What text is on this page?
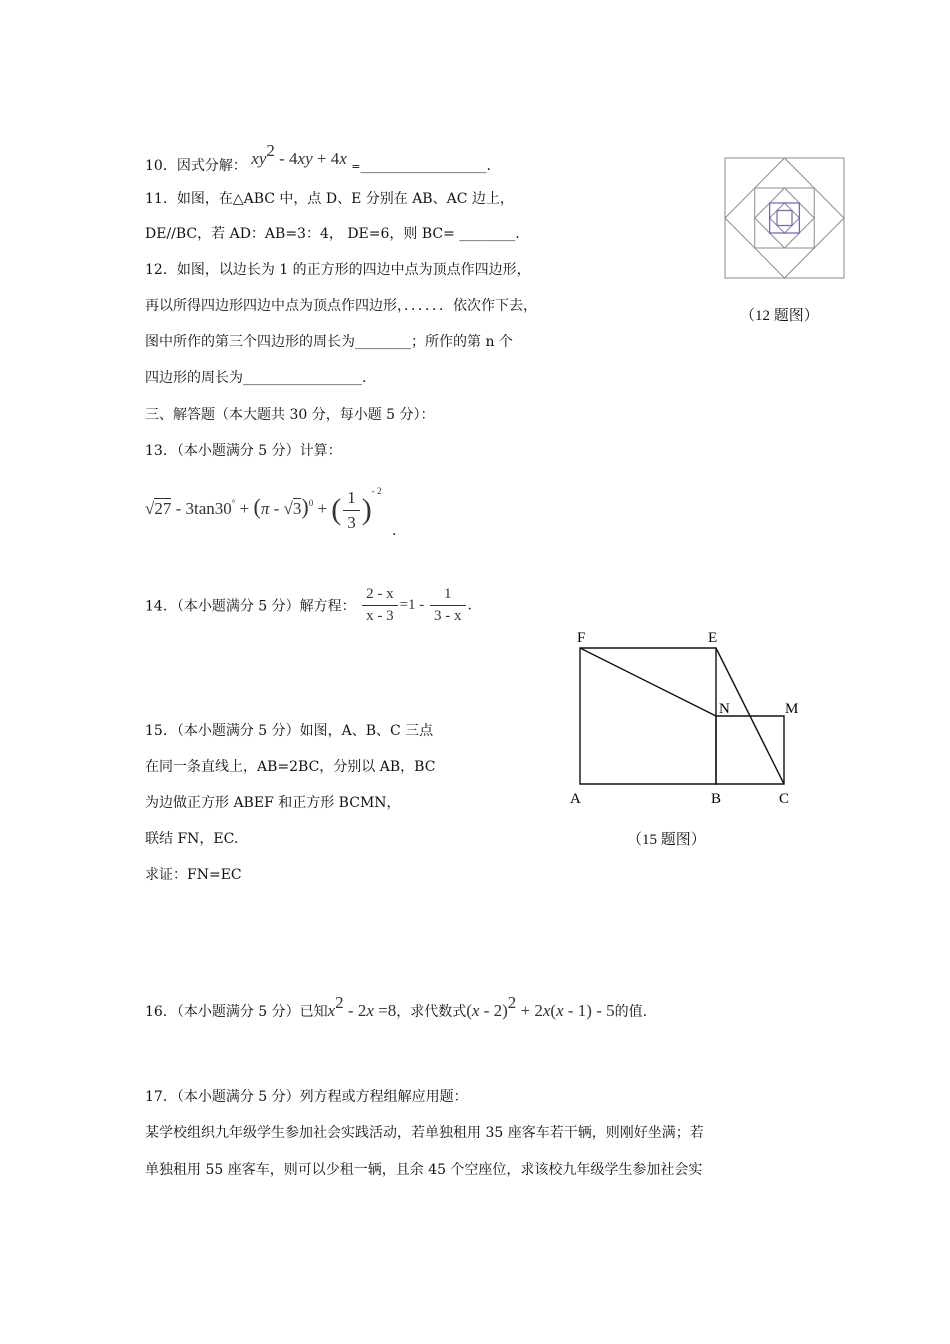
10．因式分解： $xy^2 - 4xy + 4x$ =__________________.
11．如图，在△ABC 中，点 D、E 分别在 AB、AC 边上，
DE//BC，若 AD：AB=3：4， DE=6，则 BC= ________.
12．如图，以边长为 1 的正方形的四边中点为顶点作四边形，
再以所得四边形四边中点为顶点作四边形，．．．．．．依次作下去，
图中所作的第三个四边形的周长为________；所作的第 n 个
四边形的周长为_________________.
（12 题图）
三、解答题（本大题共 30 分，每小题 5 分）：
13．（本小题满分 5 分）计算：
√27 - 3tan30° + (π - √3)$^0$ + ( $\frac{1}{3} )^{- 2}$ .
14．（本小题满分 5 分）解方程： $\frac{2 - x}{x - 3} =1 - \frac{1}{3 - x}$ .
15．（本小题满分 5 分）如图，A、B、C 三点
在同一条直线上，AB=2BC，分别以 AB，BC
为边做正方形 ABEF 和正方形 BCMN，
联结 FN，EC.
求证：FN=EC
F	E
N	M
A	B	C
（15 题图）
16．（本小题满分 5 分）已知$x^2 - 2x =8$，求代数式(x - 2)$^2$ + 2x(x - 1) - 5的值.
17．（本小题满分 5 分）列方程或方程组解应用题：
某学校组织九年级学生参加社会实践活动，若单独租用 35 座客车若干辆，则刚好坐满；若
单独租用 55 座客车，则可以少租一辆，且余 45 个空座位，求该校九年级学生参加社会实
